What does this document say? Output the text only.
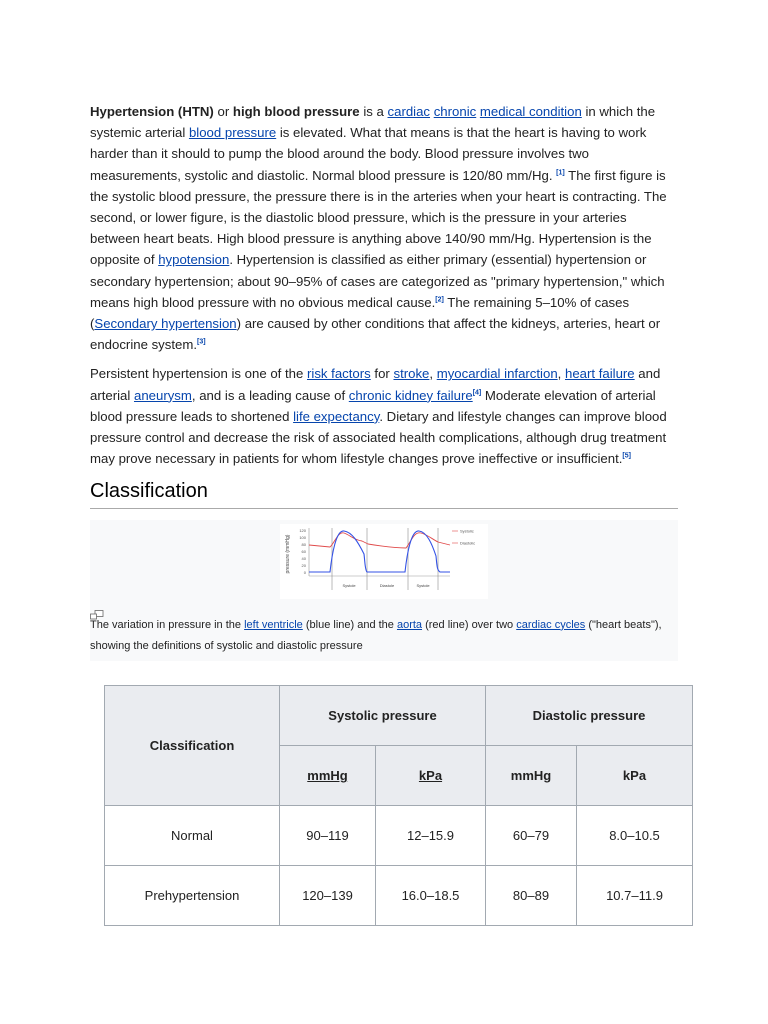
Hypertension (HTN) or high blood pressure is a cardiac chronic medical condition in which the systemic arterial blood pressure is elevated. What that means is that the heart is having to work harder than it should to pump the blood around the body. Blood pressure involves two measurements, systolic and diastolic. Normal blood pressure is 120/80 mm/Hg. [1] The first figure is the systolic blood pressure, the pressure there is in the arteries when your heart is contracting. The second, or lower figure, is the diastolic blood pressure, which is the pressure in your arteries between heart beats. High blood pressure is anything above 140/90 mm/Hg. Hypertension is the opposite of hypotension. Hypertension is classified as either primary (essential) hypertension or secondary hypertension; about 90–95% of cases are categorized as "primary hypertension," which means high blood pressure with no obvious medical cause.[2] The remaining 5–10% of cases (Secondary hypertension) are caused by other conditions that affect the kidneys, arteries, heart or endocrine system.[3]

Persistent hypertension is one of the risk factors for stroke, myocardial infarction, heart failure and arterial aneurysm, and is a leading cause of chronic kidney failure[4] Moderate elevation of arterial blood pressure leads to shortened life expectancy. Dietary and lifestyle changes can improve blood pressure control and decrease the risk of associated health complications, although drug treatment may prove necessary in patients for whom lifestyle changes prove ineffective or insufficient.[5]

Classification
pressure (mmHg)
120
100
80
60
40
20
0
Systolic
Diastolic
Systole	Diastole	Systole
The variation in pressure in the left ventricle (blue line) and the aorta (red line) over two cardiac cycles ("heart beats"), showing the definitions of systolic and diastolic pressure
Classification	Systolic pressure		Diastolic pressure	
	mmHg	kPa	mmHg	kPa
Normal	90–119	12–15.9	60–79	8.0–10.5
Prehypertension	120–139	16.0–18.5	80–89	10.7–11.9
